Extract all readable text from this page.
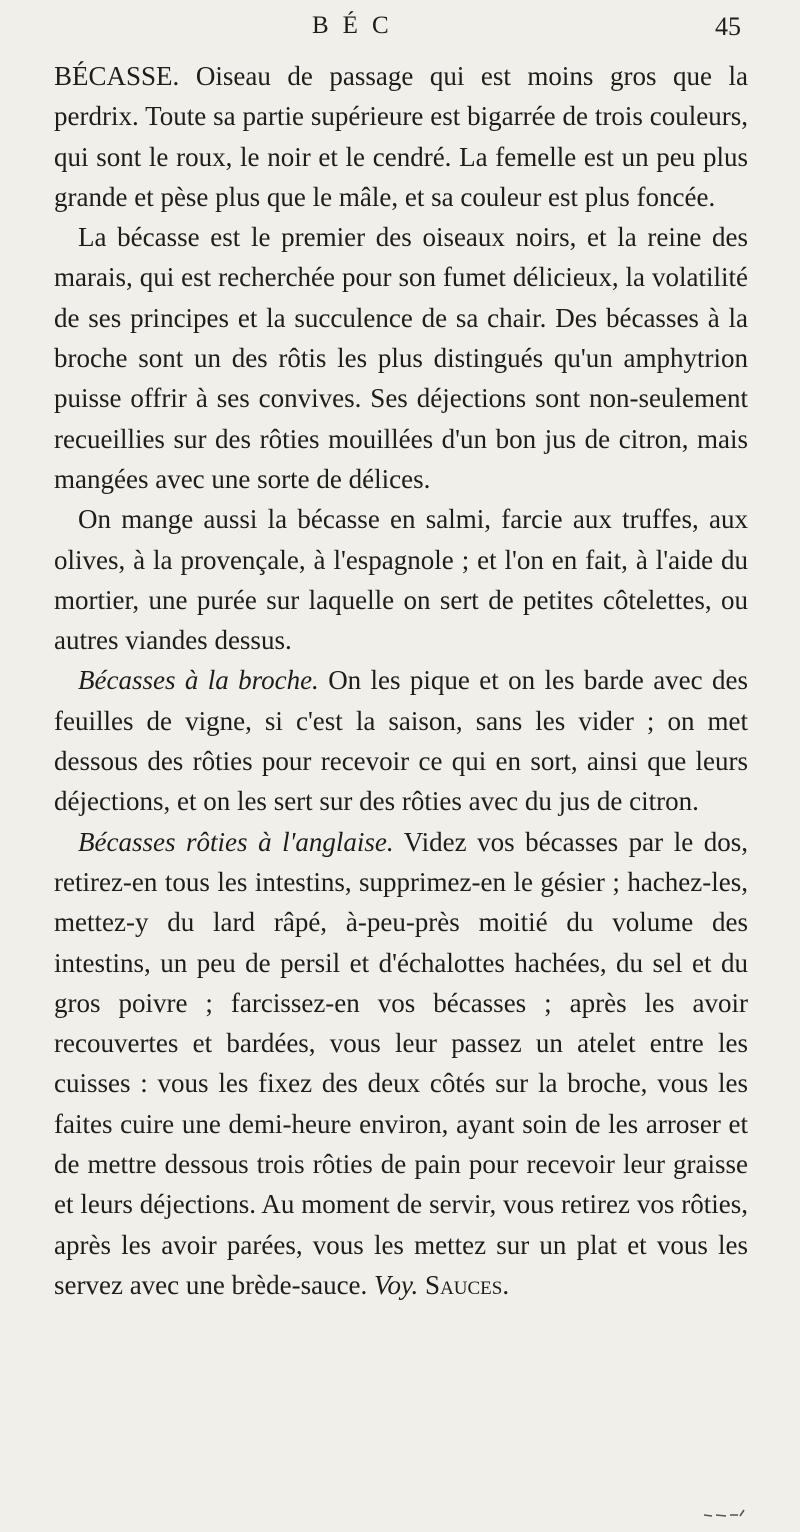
BÉC	45

BÉCASSE. Oiseau de passage qui est moins gros que la perdrix. Toute sa partie supérieure est bigarrée de trois couleurs, qui sont le roux, le noir et le cendré. La femelle est un peu plus grande et pèse plus que le mâle, et sa couleur est plus foncée.

La bécasse est le premier des oiseaux noirs, et la reine des marais, qui est recherchée pour son fumet délicieux, la volatilité de ses principes et la succulence de sa chair. Des bécasses à la broche sont un des rôtis les plus distingués qu'un amphytrion puisse offrir à ses convives. Ses déjections sont non-seulement recueillies sur des rôties mouillées d'un bon jus de citron, mais mangées avec une sorte de délices.

On mange aussi la bécasse en salmi, farcie aux truffes, aux olives, à la provençale, à l'espagnole ; et l'on en fait, à l'aide du mortier, une purée sur laquelle on sert de petites côtelettes, ou autres viandes dessus.

Bécasses à la broche. On les pique et on les barde avec des feuilles de vigne, si c'est la saison, sans les vider ; on met dessous des rôties pour recevoir ce qui en sort, ainsi que leurs déjections, et on les sert sur des rôties avec du jus de citron.

Bécasses rôties à l'anglaise. Videz vos bécasses par le dos, retirez-en tous les intestins, supprimez-en le gésier ; hachez-les, mettez-y du lard râpé, à-peu-près moitié du volume des intestins, un peu de persil et d'échalottes hachées, du sel et du gros poivre ; farcissez-en vos bécasses ; après les avoir recouvertes et bardées, vous leur passez un atelet entre les cuisses : vous les fixez des deux côtés sur la broche, vous les faites cuire une demi-heure environ, ayant soin de les arroser et de mettre dessous trois rôties de pain pour recevoir leur graisse et leurs déjections. Au moment de servir, vous retirez vos rôties, après les avoir parées, vous les mettez sur un plat et vous les servez avec une brède-sauce. Voy. Sauces.
